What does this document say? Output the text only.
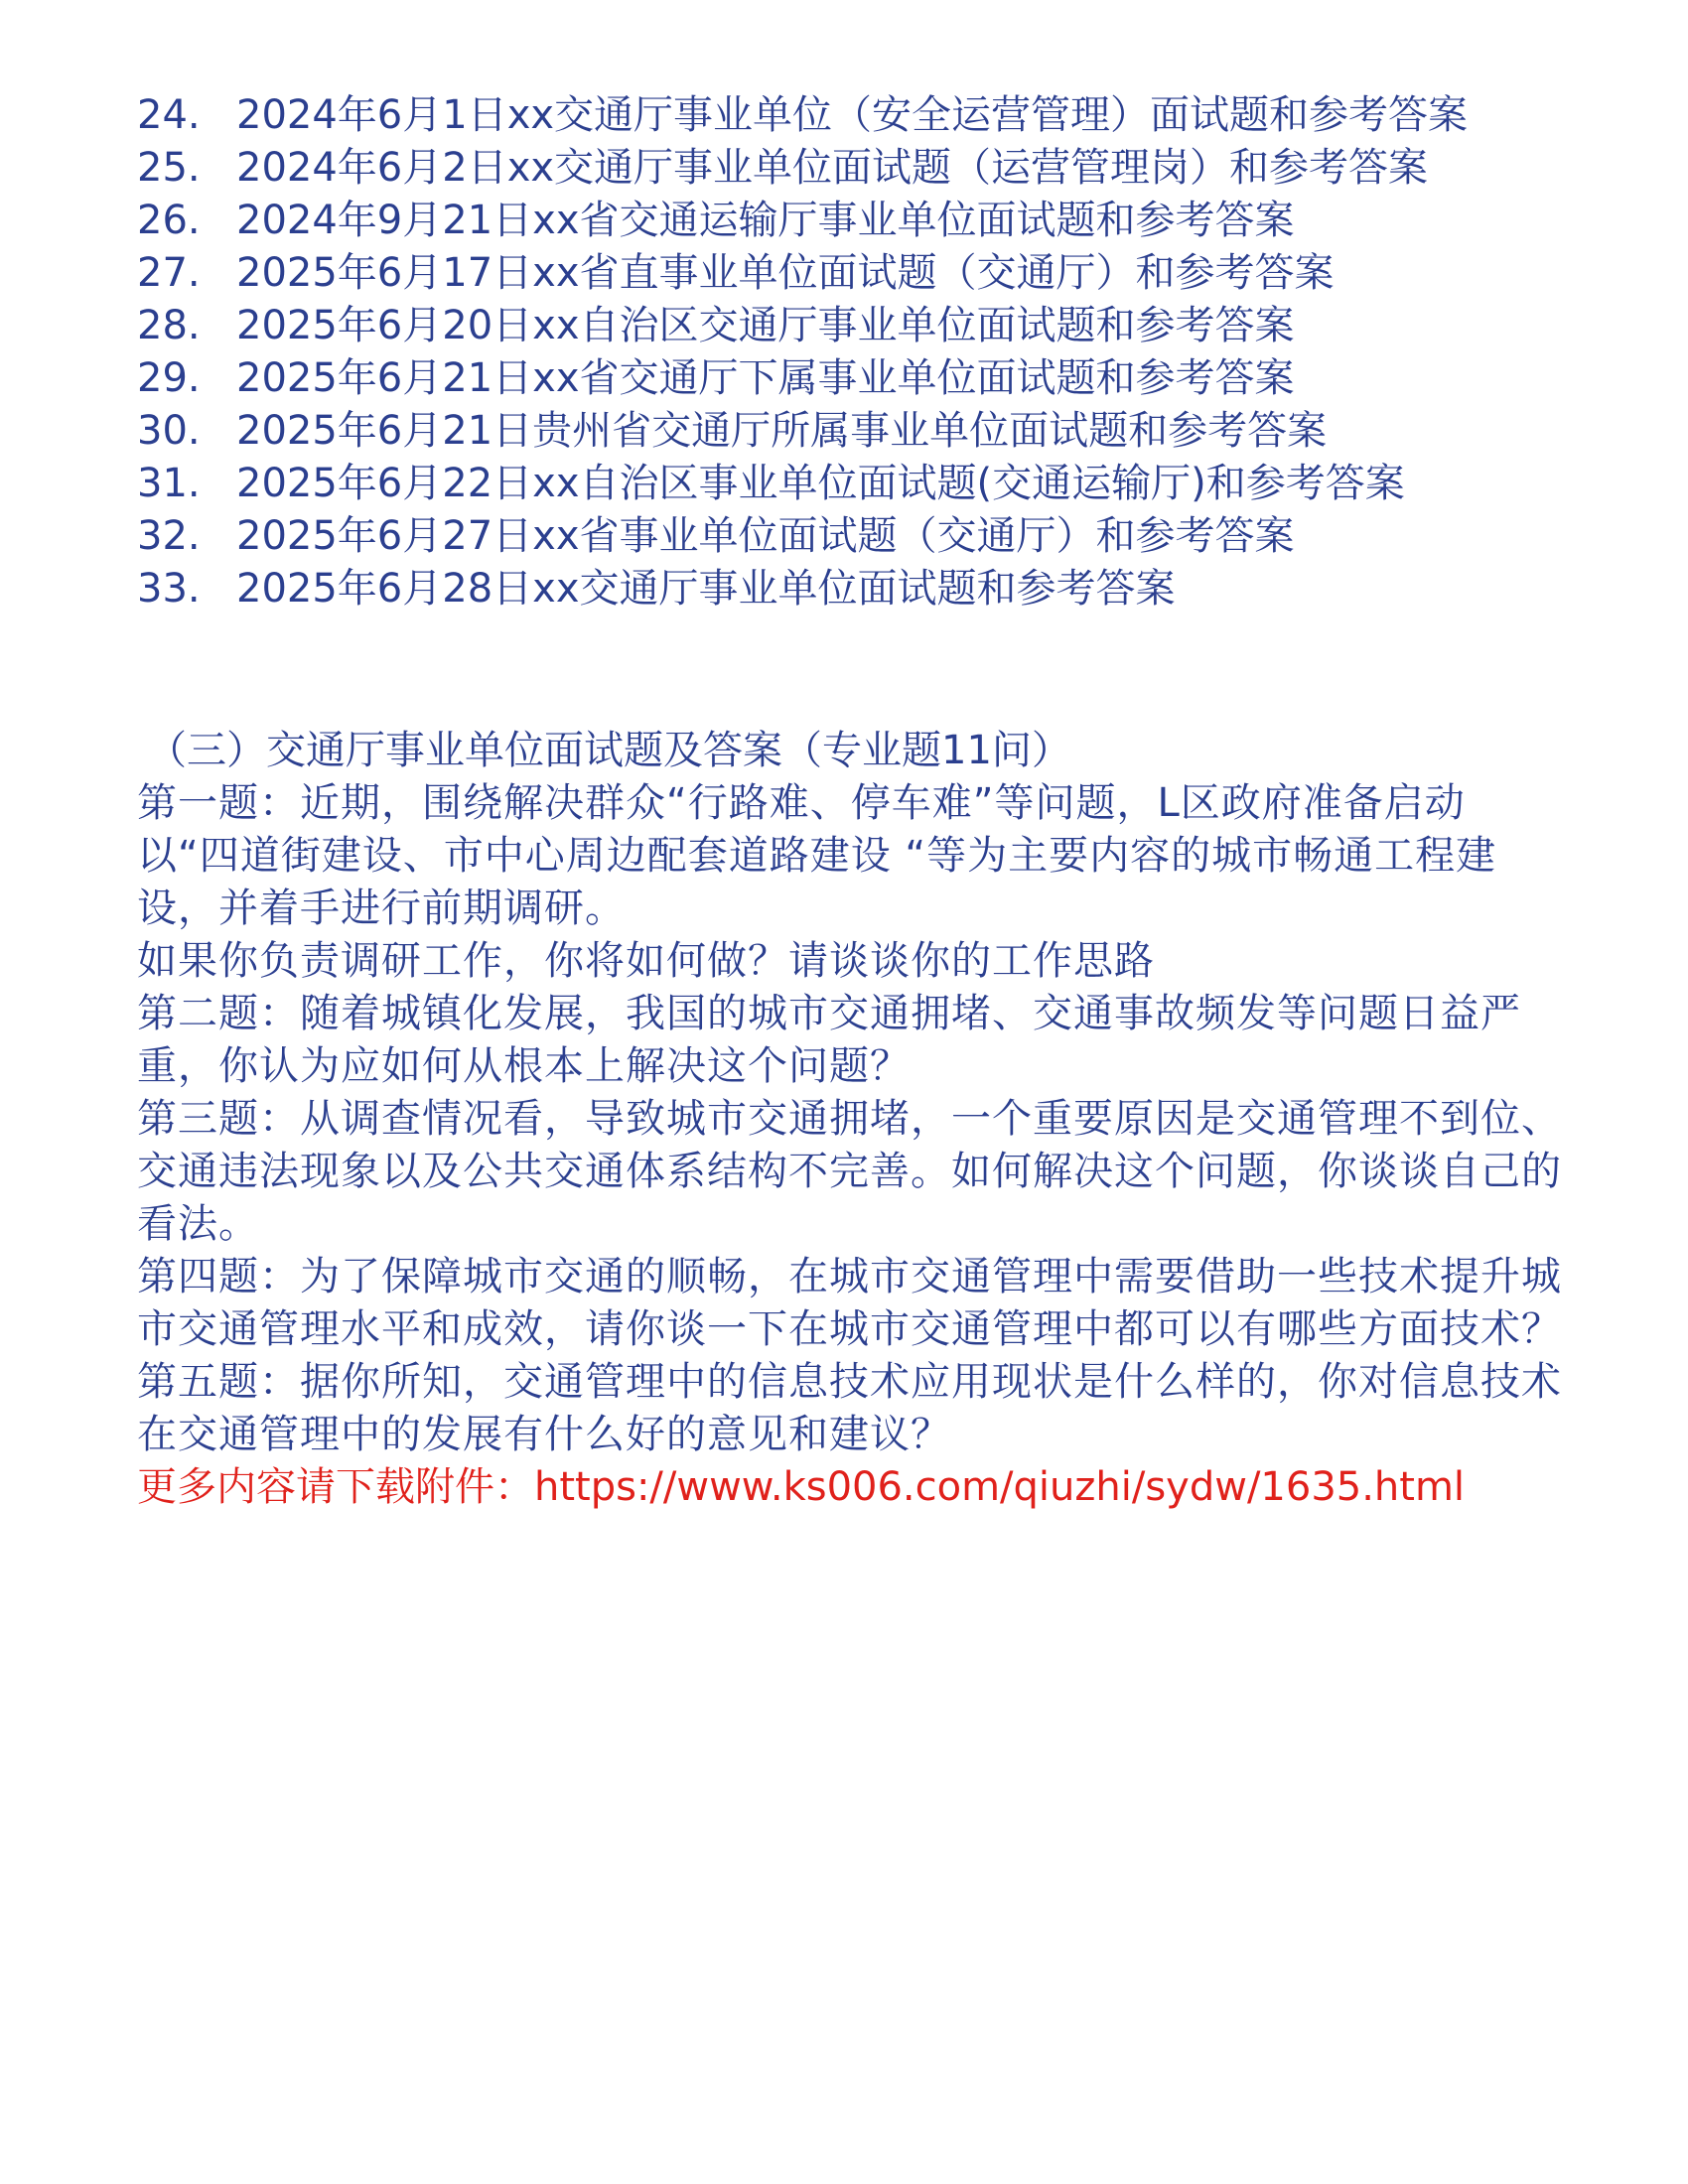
24. 2024年6月1日xx交通厅事业单位（安全运营管理）面试题和参考答案
25. 2024年6月2日xx交通厅事业单位面试题（运营管理岗）和参考答案
26. 2024年9月21日xx省交通运输厅事业单位面试题和参考答案
27. 2025年6月17日xx省直事业单位面试题（交通厅）和参考答案
28. 2025年6月20日xx自治区交通厅事业单位面试题和参考答案
29. 2025年6月21日xx省交通厅下属事业单位面试题和参考答案
30. 2025年6月21日贵州省交通厅所属事业单位面试题和参考答案
31. 2025年6月22日xx自治区事业单位面试题(交通运输厅)和参考答案
32. 2025年6月27日xx省事业单位面试题（交通厅）和参考答案
33. 2025年6月28日xx交通厅事业单位面试题和参考答案

（三）交通厅事业单位面试题及答案（专业题11问）

第一题：近期，围绕解决群众“行路难、停车难”等问题，L区政府准备启动以“四道街建设、市中心周边配套道路建设 “等为主要内容的城市畅通工程建设，并着手进行前期调研。

如果你负责调研工作，你将如何做？请谈谈你的工作思路

第二题：随着城镇化发展，我国的城市交通拥堵、交通事故频发等问题日益严重，你认为应如何从根本上解决这个问题？

第三题：从调查情况看，导致城市交通拥堵，一个重要原因是交通管理不到位、交通违法现象以及公共交通体系结构不完善。如何解决这个问题，你谈谈自己的看法。

第四题：为了保障城市交通的顺畅，在城市交通管理中需要借助一些技术提升城市交通管理水平和成效，请你谈一下在城市交通管理中都可以有哪些方面技术？

第五题：据你所知，交通管理中的信息技术应用现状是什么样的，你对信息技术在交通管理中的发展有什么好的意见和建议？

更多内容请下载附件：https://www.ks006.com/qiuzhi/sydw/1635.html
